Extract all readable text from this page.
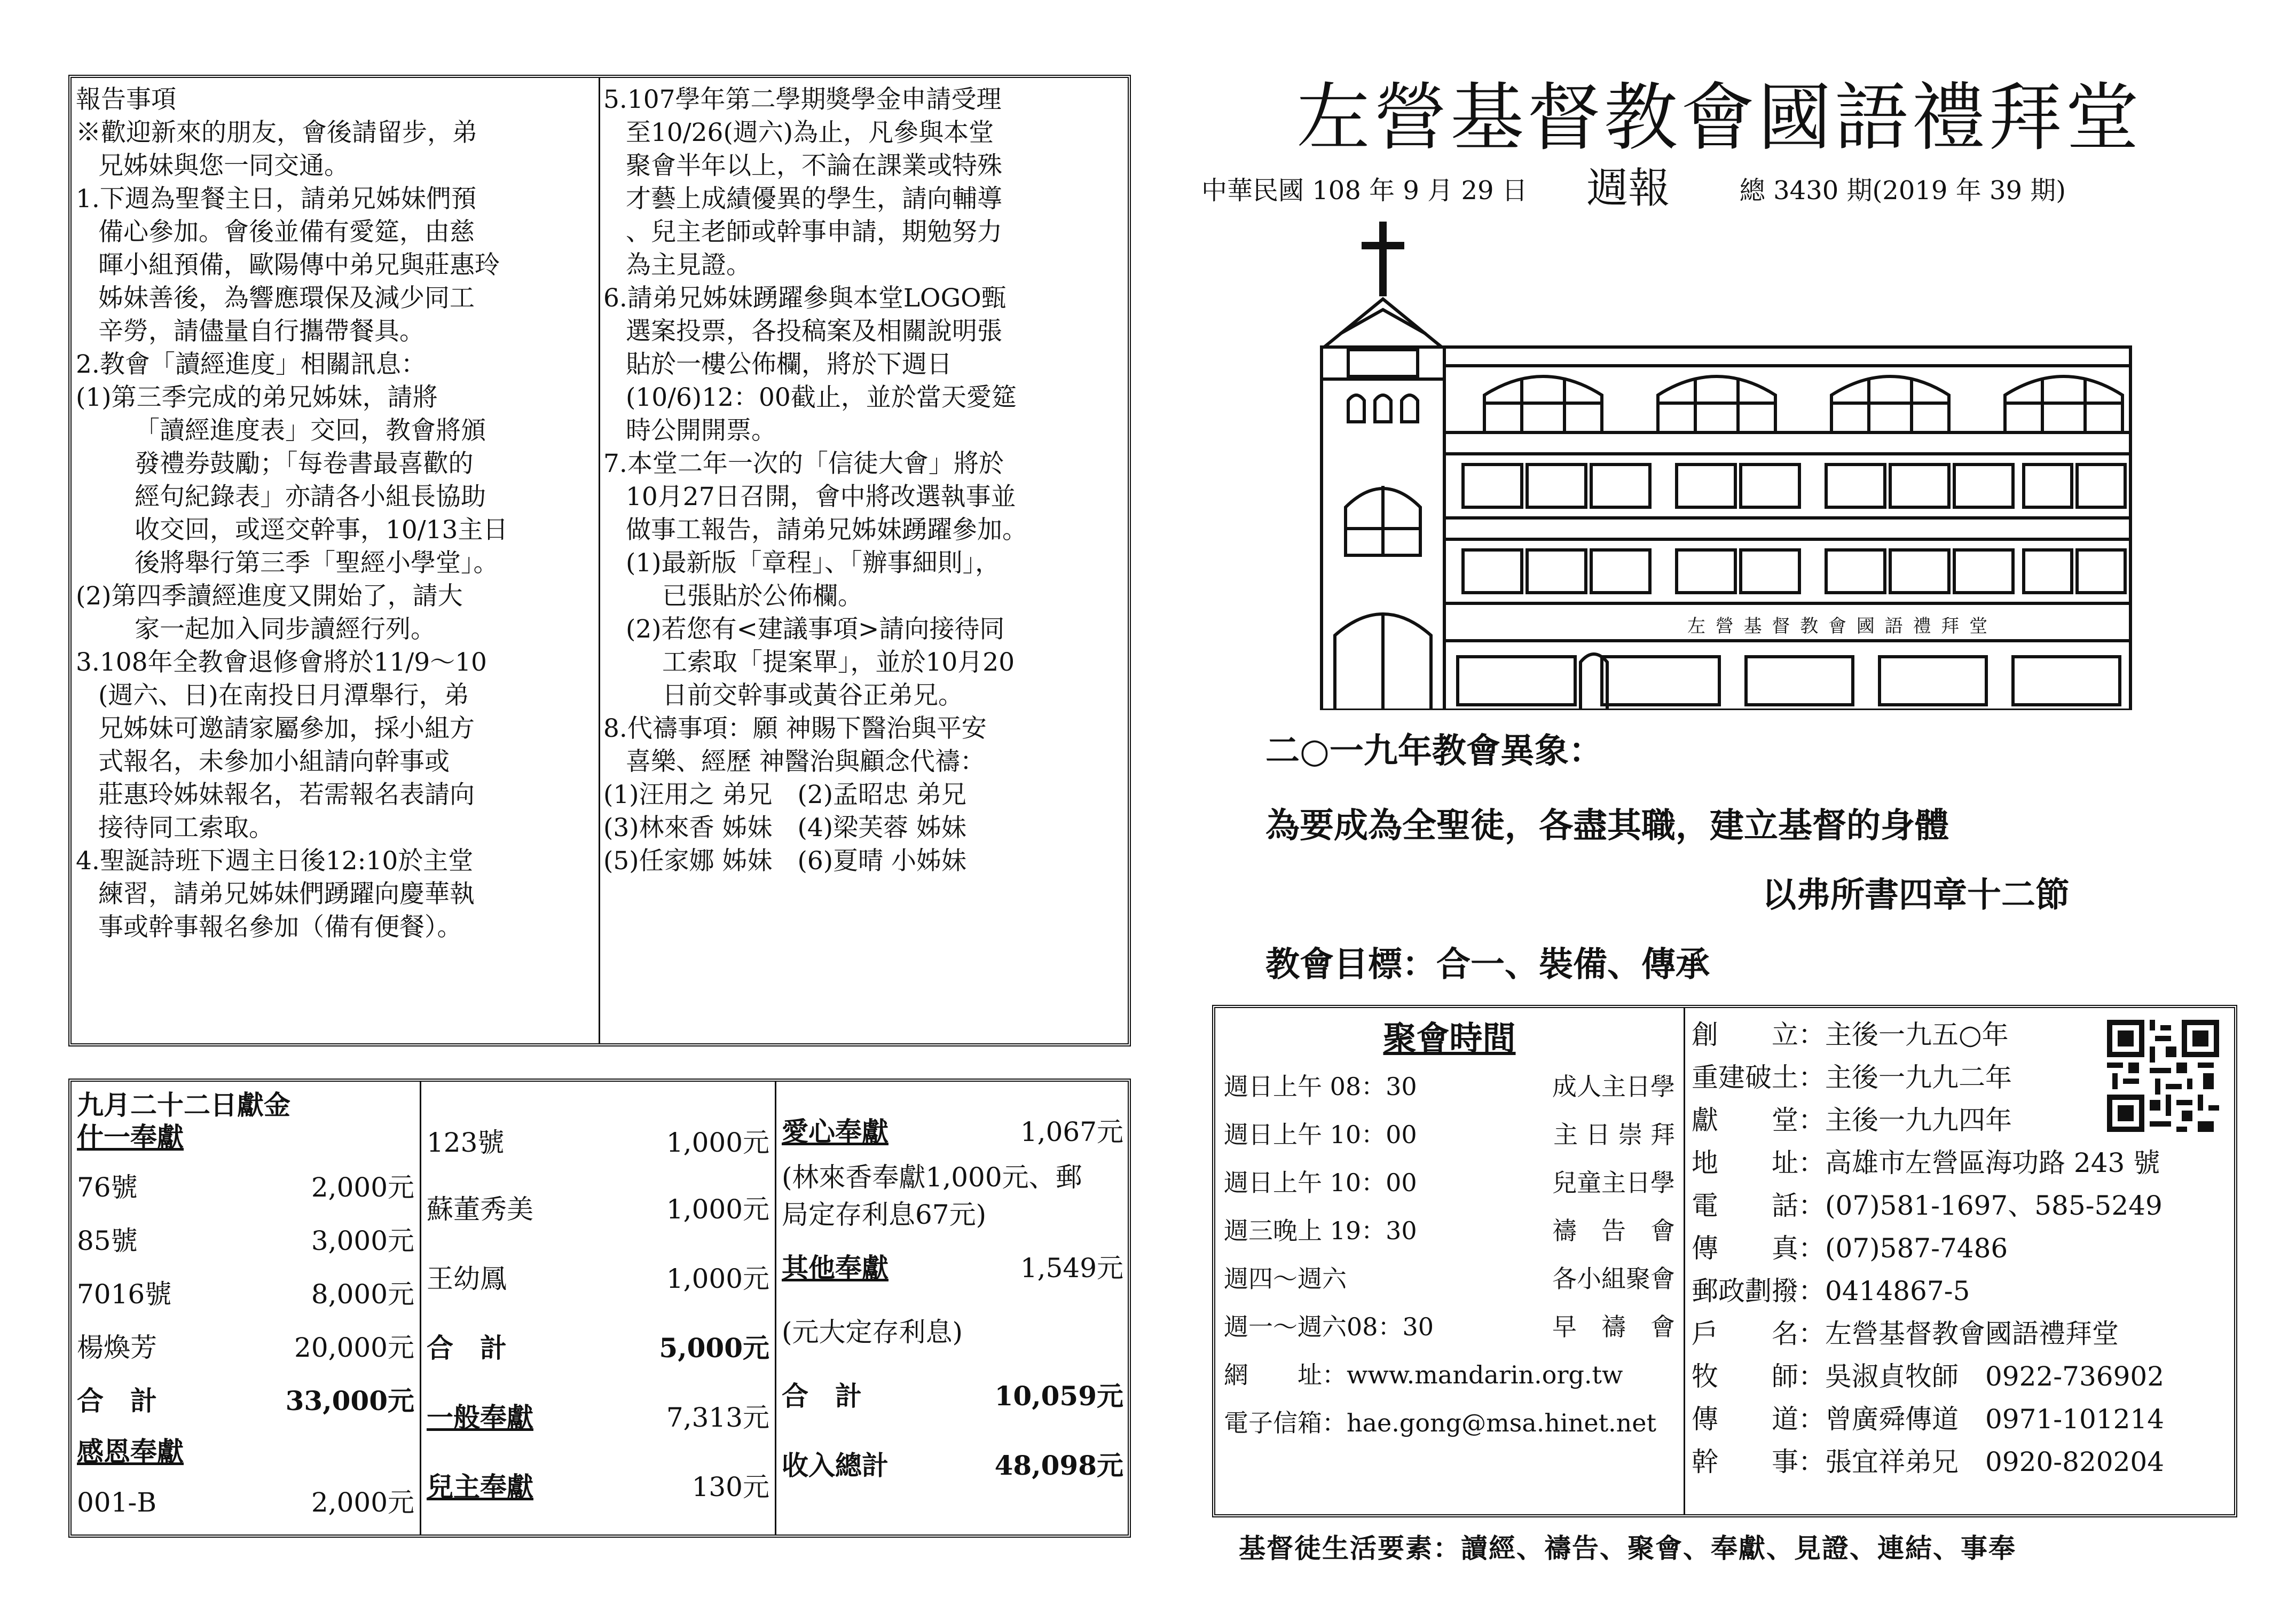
報告事項
※歡迎新來的朋友，會後請留步，弟
兄姊妹與您一同交通。
1.下週為聖餐主日，請弟兄姊妹們預
備心參加。會後並備有愛筵，由慈
暉小組預備，歐陽傳中弟兄與莊惠玲
姊妹善後，為響應環保及減少同工
辛勞，請儘量自行攜帶餐具。
2.教會「讀經進度」相關訊息：
(1)第三季完成的弟兄姊妹，請將
「讀經進度表」交回，教會將頒
發禮券鼓勵；「每卷書最喜歡的
經句紀錄表」亦請各小組長協助
收交回，或逕交幹事，10/13主日
後將舉行第三季「聖經小學堂」。
(2)第四季讀經進度又開始了，請大
家一起加入同步讀經行列。
3.108年全教會退修會將於11/9～10
(週六、日)在南投日月潭舉行，弟
兄姊妹可邀請家屬參加，採小組方
式報名，未參加小組請向幹事或
莊惠玲姊妹報名，若需報名表請向
接待同工索取。
4.聖誕詩班下週主日後12:10於主堂
練習，請弟兄姊妹們踴躍向慶華執
事或幹事報名參加（備有便餐）。
5.107學年第二學期獎學金申請受理
至10/26(週六)為止，凡參與本堂
聚會半年以上，不論在課業或特殊
才藝上成績優異的學生，請向輔導
、兒主老師或幹事申請，期勉努力
為主見證。
6.請弟兄姊妹踴躍參與本堂LOGO甄
選案投票，各投稿案及相關說明張
貼於一樓公佈欄，將於下週日
(10/6)12：00截止，並於當天愛筵
時公開開票。
7.本堂二年一次的「信徒大會」將於
10月27日召開，會中將改選執事並
做事工報告，請弟兄姊妹踴躍參加。
(1)最新版「章程」、「辦事細則」，
已張貼於公佈欄。
(2)若您有<建議事項>請向接待同
工索取「提案單」，並於10月20
日前交幹事或黃谷正弟兄。
8.代禱事項：願 神賜下醫治與平安
喜樂、經歷 神醫治與顧念代禱：
(1)汪用之 弟兄　(2)孟昭忠 弟兄
(3)林來香 姊妹　(4)梁芙蓉 姊妹
(5)任家娜 姊妹　(6)夏晴 小姊妹
九月二十二日獻金
什一奉獻
76號	2,000元
85號	3,000元
7016號	8,000元
楊煥芳	20,000元
合　計	33,000元
感恩奉獻
001-B	2,000元
123號	1,000元
蘇董秀美	1,000元
王幼鳳	1,000元
合　計	5,000元
一般奉獻	7,313元
兒主奉獻	130元
愛心奉獻	1,067元
(林來香奉獻1,000元、郵
局定存利息67元)
其他奉獻	1,549元
(元大定存利息)
合　計	10,059元
收入總計	48,098元
左營基督教會國語禮拜堂
中華民國 108 年 9 月 29 日 週報	總 3430 期(2019 年 39 期)
左 營 基 督 教 會 國 語 禮 拜 堂
二○一九年教會異象：
為要成為全聖徒，各盡其職，建立基督的身體
以弗所書四章十二節
教會目標：合一、裝備、傳承
聚會時間
週日上午 08：30	成人主日學
週日上午 10：00	主 日 崇 拜
週日上午 10：00	兒童主日學
週三晚上 19：30	禱　告　會
週四～週六	各小組聚會
週一～週六08：30	早　禱　會
網　　址：www.mandarin.org.tw
電子信箱：hae.gong@msa.hinet.net
創　　立：主後一九五○年
重建破土：主後一九九二年
獻　　堂：主後一九九四年
地　　址：高雄市左營區海功路 243 號
電　　話：(07)581-1697、585-5249
傳　　真：(07)587-7486
郵政劃撥：0414867-5
戶　　名：左營基督教會國語禮拜堂
牧　　師：吳淑貞牧師　0922-736902
傳　　道：曾廣舜傳道　0971-101214
幹　　事：張宜祥弟兄　0920-820204
基督徒生活要素：讀經、禱告、聚會、奉獻、見證、連結、事奉
